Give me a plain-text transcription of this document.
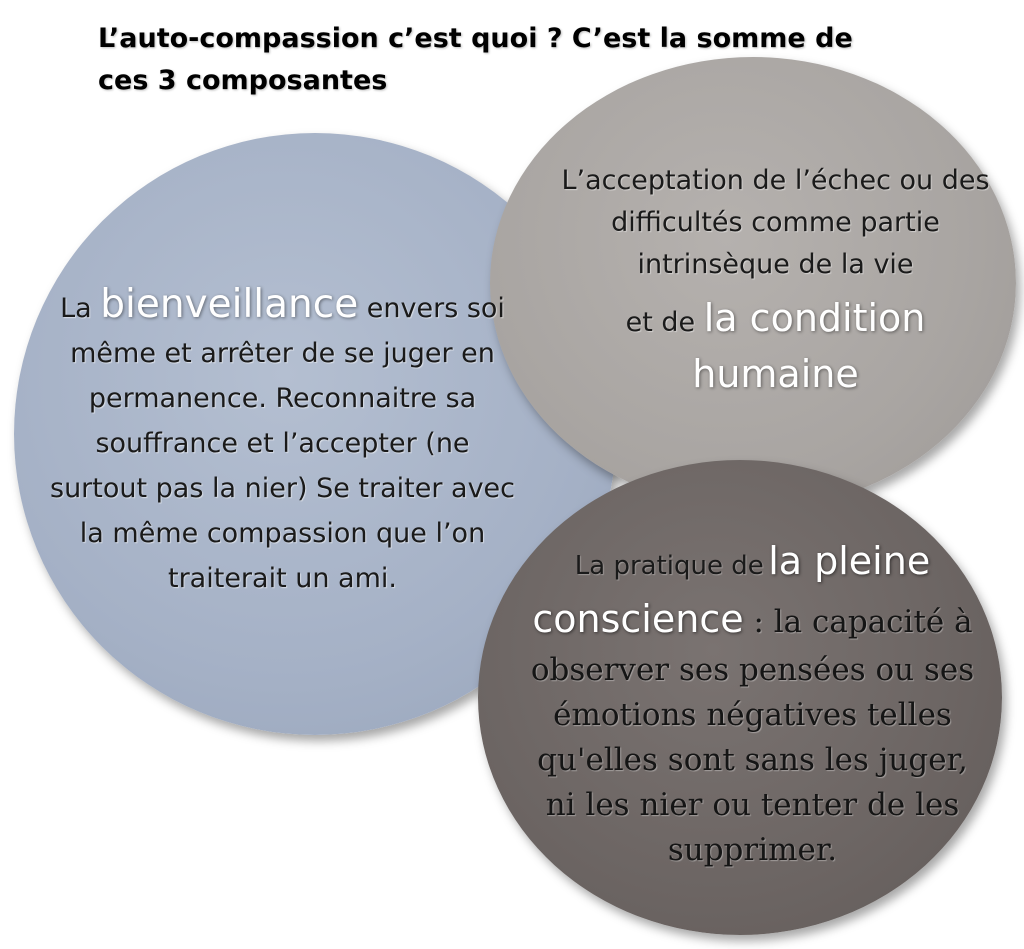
L’auto-compassion c’est quoi ? C’est la somme de
ces 3 composantes
La bienveillance envers soi même et arrêter de se juger en permanence. Reconnaitre sa souffrance et l’accepter (ne surtout pas la nier) Se traiter avec la même compassion que l’on traiterait un ami.
L’acceptation de l’échec ou des difficultés comme partie intrinsèque de la vie
et de la condition humaine
La pratique de la pleine conscience : la capacité à observer ses pensées ou ses émotions négatives telles qu'elles sont sans les juger, ni les nier ou tenter de les supprimer.
